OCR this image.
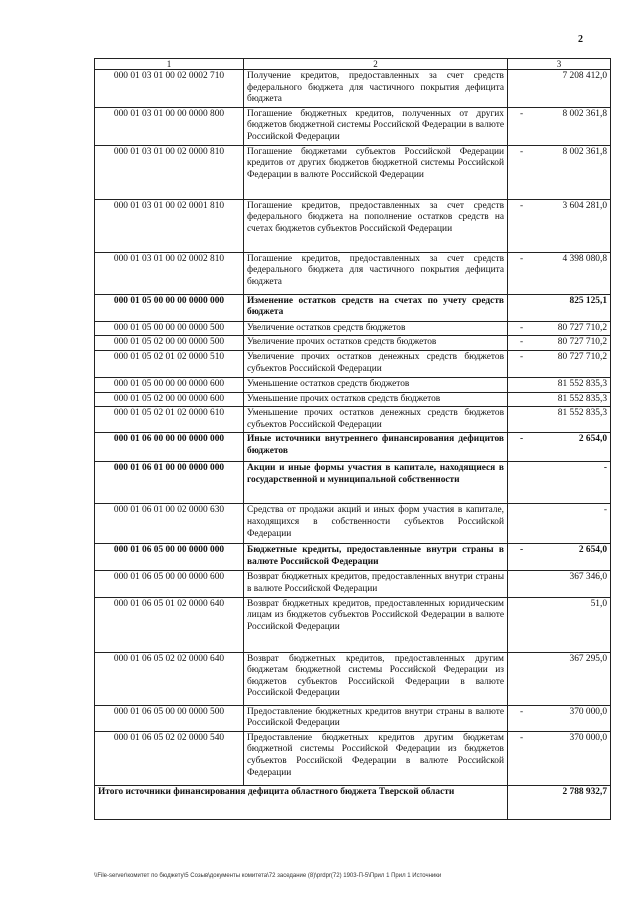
2
1	2	3
000 01 03 01 00 02 0002 710	Получение кредитов, предоставленных за счет средств федерального бюджета для частичного покрытия дефицита бюджета	7 208 412,0
000 01 03 01 00 00 0000 800	Погашение бюджетных кредитов, полученных от других бюджетов бюджетной системы Российской Федерации в валюте Российской Федерации	- 8 002 361,8
000 01 03 01 00 02 0000 810	Погашение бюджетами субъектов Российской Федерации кредитов от других бюджетов бюджетной системы Российской Федерации в валюте Российской Федерации	- 8 002 361,8
000 01 03 01 00 02 0001 810	Погашение кредитов, предоставленных за счет средств федерального бюджета на пополнение остатков средств на счетах бюджетов субъектов Российской Федерации	- 3 604 281,0
000 01 03 01 00 02 0002 810	Погашение кредитов, предоставленных за счет средств федерального бюджета для частичного покрытия дефицита бюджета	- 4 398 080,8
000 01 05 00 00 00 0000 000	Изменение остатков средств на счетах по учету средств бюджета	825 125,1
000 01 05 00 00 00 0000 500	Увеличение остатков средств бюджетов	- 80 727 710,2
000 01 05 02 00 00 0000 500	Увеличение прочих остатков средств бюджетов	- 80 727 710,2
000 01 05 02 01 02 0000 510	Увеличение прочих остатков денежных средств бюджетов субъектов Российской Федерации	- 80 727 710,2
000 01 05 00 00 00 0000 600	Уменьшение остатков средств бюджетов	81 552 835,3
000 01 05 02 00 00 0000 600	Уменьшение прочих остатков средств бюджетов	81 552 835,3
000 01 05 02 01 02 0000 610	Уменьшение прочих остатков денежных средств бюджетов субъектов Российской Федерации	81 552 835,3
000 01 06 00 00 00 0000 000	Иные источники внутреннего финансирования дефицитов бюджетов	- 2 654,0
000 01 06 01 00 00 0000 000	Акции и иные формы участия в капитале, находящиеся в государственной и муниципальной собственности	-
000 01 06 01 00 02 0000 630	Средства от продажи акций и иных форм участия в капитале, находящихся в собственности субъектов Российской Федерации	-
000 01 06 05 00 00 0000 000	Бюджетные кредиты, предоставленные внутри страны в валюте Российской Федерации	- 2 654,0
000 01 06 05 00 00 0000 600	Возврат бюджетных кредитов, предоставленных внутри страны в валюте Российской Федерации	367 346,0
000 01 06 05 01 02 0000 640	Возврат бюджетных кредитов, предоставленных юридическим лицам из бюджетов субъектов Российской Федерации в валюте Российской Федерации	51,0
000 01 06 05 02 02 0000 640	Возврат бюджетных кредитов, предоставленных другим бюджетам бюджетной системы Российской Федерации из бюджетов субъектов Российской Федерации в валюте Российской Федерации	367 295,0
000 01 06 05 00 00 0000 500	Предоставление бюджетных кредитов внутри страны в валюте Российской Федерации	- 370 000,0
000 01 06 05 02 02 0000 540	Предоставление бюджетных кредитов другим бюджетам бюджетной системы Российской Федерации из бюджетов субъектов Российской Федерации в валюте Российской Федерации	- 370 000,0
Итого источники финансирования дефицита областного бюджета Тверской области		2 788 932,7
\\File-server\комитет по бюджету\5 Созыв\документы комитета\72 заседание (8)\prdpr(72) 1903-П-5\Прил 1 Прил 1 Источники
